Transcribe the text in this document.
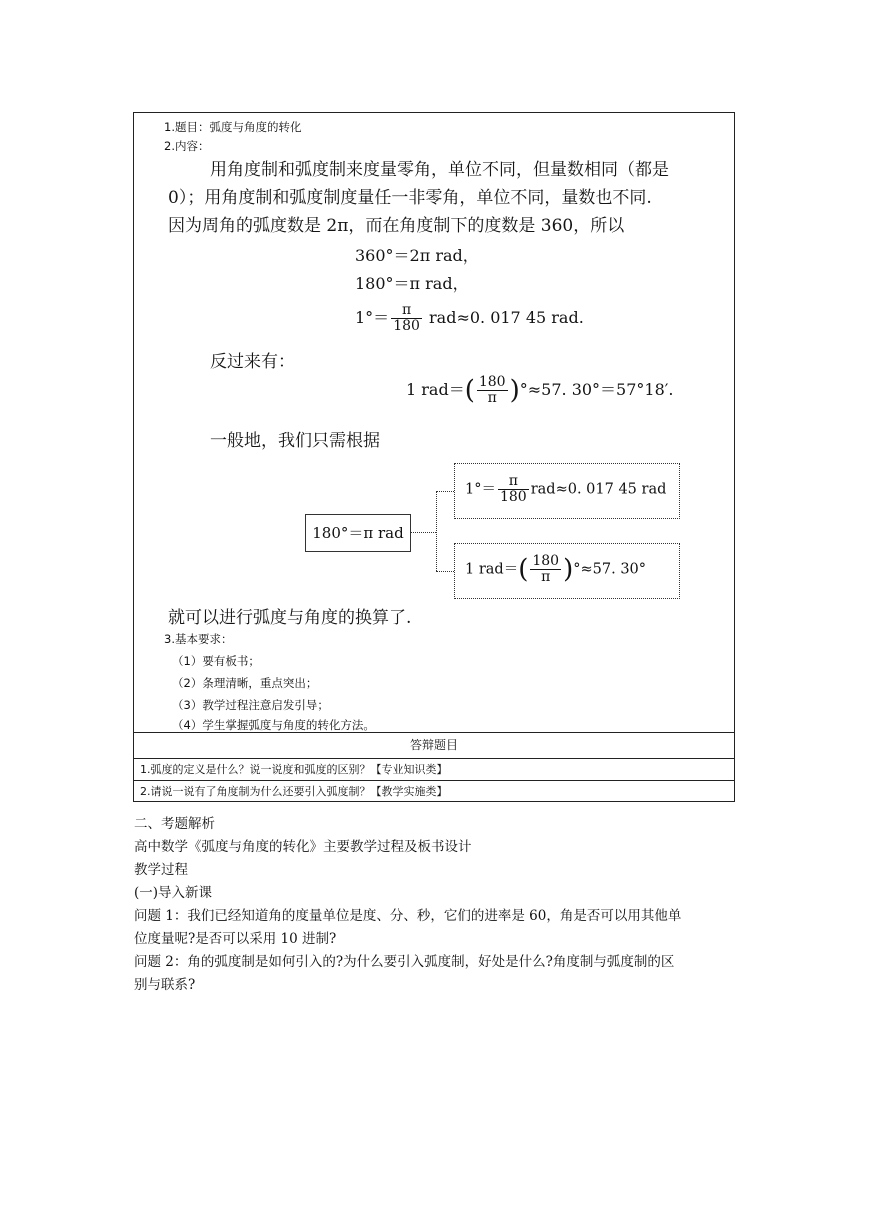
1.题目：弧度与角度的转化
2.内容：
用角度制和弧度制来度量零角，单位不同，但量数相同（都是
0）；用角度制和弧度制度量任一非零角，单位不同，量数也不同.
因为周角的弧度数是 2π，而在角度制下的度数是 360，所以
360°＝2π rad，
180°＝π rad，
$1^\circ= \frac{\pi}{180} rad\approx 0$. 017 45 rad.
反过来有：
1 $rad=( \frac{180}{\pi} )^\circ\approx 57$. 30°＝57°18′.
一般地，我们只需根据
180°＝π rad
$1^\circ= \frac{\pi}{180} rad\approx 0$. 017 45 rad
1 $rad=( \frac{180}{\pi} )^\circ\approx 57$. 30°
就可以进行弧度与角度的换算了.
3.基本要求：
（1）要有板书；
（2）条理清晰，重点突出；
（3）教学过程注意启发引导；
（4）学生掌握弧度与角度的转化方法。
答辩题目
1.弧度的定义是什么？说一说度和弧度的区别？【专业知识类】
2.请说一说有了角度制为什么还要引入弧度制？【教学实施类】
二、考题解析
高中数学《弧度与角度的转化》主要教学过程及板书设计
教学过程
(一)导入新课
问题 1：我们已经知道角的度量单位是度、分、秒，它们的进率是 60，角是否可以用其他单
位度量呢?是否可以采用 10 进制?
问题 2：角的弧度制是如何引入的?为什么要引入弧度制，好处是什么?角度制与弧度制的区
别与联系?
